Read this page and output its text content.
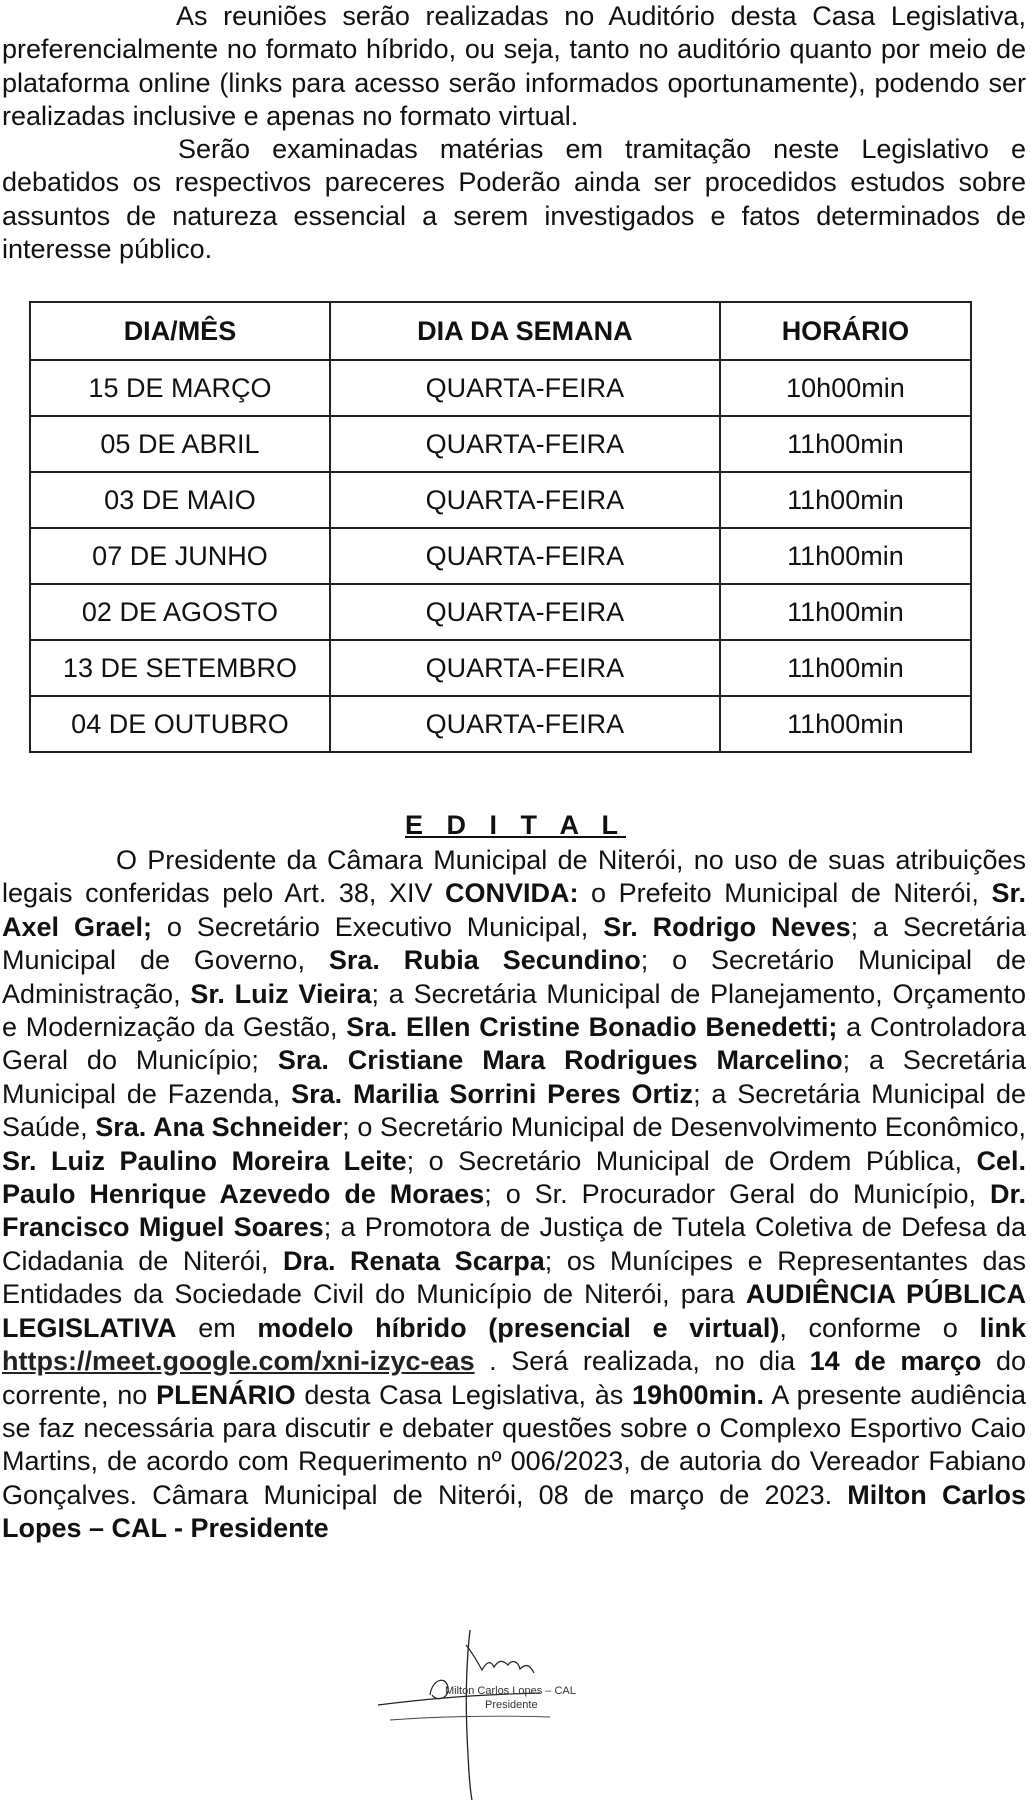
As reuniões serão realizadas no Auditório desta Casa Legislativa, preferencialmente no formato híbrido, ou seja, tanto no auditório quanto por meio de plataforma online (links para acesso serão informados oportunamente), podendo ser realizadas inclusive e apenas no formato virtual.

Serão examinadas matérias em tramitação neste Legislativo e debatidos os respectivos pareceres Poderão ainda ser procedidos estudos sobre assuntos de natureza essencial a serem investigados e fatos determinados de interesse público.

DIA/MÊS	DIA DA SEMANA	HORÁRIO
15 DE MARÇO	QUARTA-FEIRA	10h00min
05 DE ABRIL	QUARTA-FEIRA	11h00min
03 DE MAIO	QUARTA-FEIRA	11h00min
07 DE JUNHO	QUARTA-FEIRA	11h00min
02 DE AGOSTO	QUARTA-FEIRA	11h00min
13 DE SETEMBRO	QUARTA-FEIRA	11h00min
04 DE OUTUBRO	QUARTA-FEIRA	11h00min
E D I T A L

O Presidente da Câmara Municipal de Niterói, no uso de suas atribuições legais conferidas pelo Art. 38, XIV CONVIDA: o Prefeito Municipal de Niterói, Sr. Axel Grael; o Secretário Executivo Municipal, Sr. Rodrigo Neves; a Secretária Municipal de Governo, Sra. Rubia Secundino; o Secretário Municipal de Administração, Sr. Luiz Vieira; a Secretária Municipal de Planejamento, Orçamento e Modernização da Gestão, Sra. Ellen Cristine Bonadio Benedetti; a Controladora Geral do Município; Sra. Cristiane Mara Rodrigues Marcelino; a Secretária Municipal de Fazenda, Sra. Marilia Sorrini Peres Ortiz; a Secretária Municipal de Saúde, Sra. Ana Schneider; o Secretário Municipal de Desenvolvimento Econômico, Sr. Luiz Paulino Moreira Leite; o Secretário Municipal de Ordem Pública, Cel. Paulo Henrique Azevedo de Moraes; o Sr. Procurador Geral do Município, Dr. Francisco Miguel Soares; a Promotora de Justiça de Tutela Coletiva de Defesa da Cidadania de Niterói, Dra. Renata Scarpa; os Munícipes e Representantes das Entidades da Sociedade Civil do Município de Niterói, para AUDIÊNCIA PÚBLICA LEGISLATIVA em modelo híbrido (presencial e virtual), conforme o link https://meet.google.com/xni-izyc-eas . Será realizada, no dia 14 de março do corrente, no PLENÁRIO desta Casa Legislativa, às 19h00min. A presente audiência se faz necessária para discutir e debater questões sobre o Complexo Esportivo Caio Martins, de acordo com Requerimento nº 006/2023, de autoria do Vereador Fabiano Gonçalves. Câmara Municipal de Niterói, 08 de março de 2023. Milton Carlos Lopes – CAL - Presidente

Milton Carlos Lopes – CAL
Presidente
